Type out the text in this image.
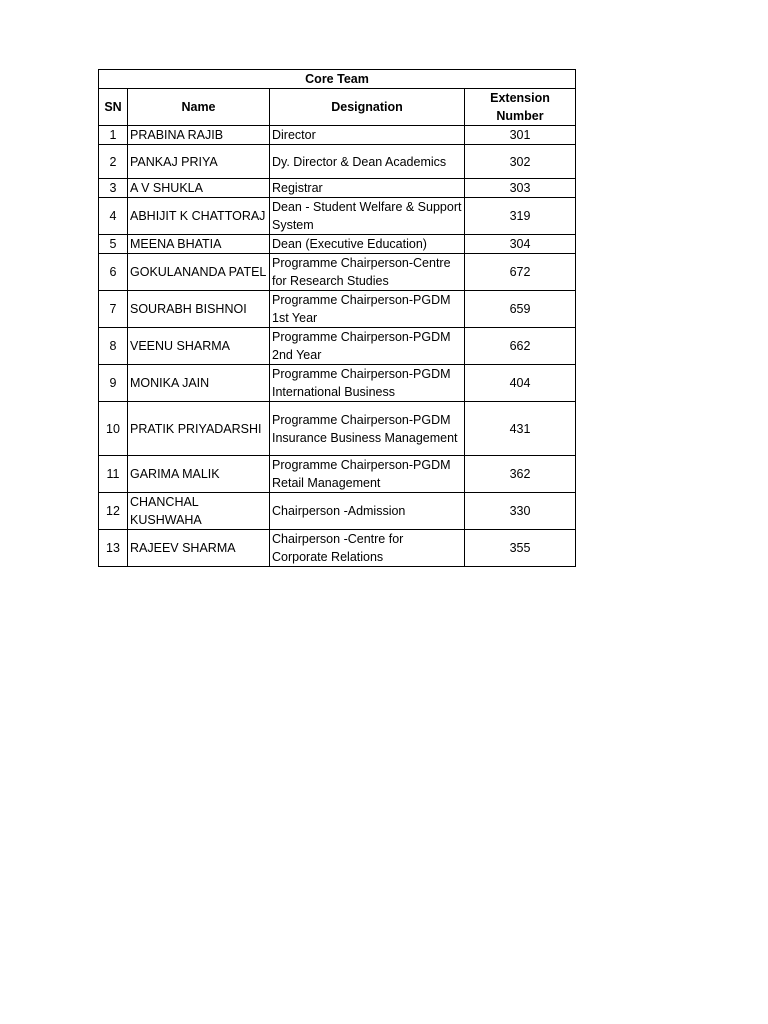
Core Team			
SN	Name	Designation	Extension Number
1	PRABINA RAJIB	Director	301
2	PANKAJ PRIYA	Dy. Director & Dean Academics	302
3	A V SHUKLA	Registrar	303
4	ABHIJIT K CHATTORAJ	Dean - Student Welfare & Support System	319
5	MEENA BHATIA	Dean (Executive Education)	304
6	GOKULANANDA PATEL	Programme Chairperson-Centre for Research Studies	672
7	SOURABH BISHNOI	Programme Chairperson-PGDM 1st Year	659
8	VEENU SHARMA	Programme Chairperson-PGDM 2nd Year	662
9	MONIKA JAIN	Programme Chairperson-PGDM International Business	404
10	PRATIK PRIYADARSHI	Programme Chairperson-PGDM Insurance Business Management	431
11	GARIMA MALIK	Programme Chairperson-PGDM Retail Management	362
12	CHANCHAL KUSHWAHA	Chairperson -Admission	330
13	RAJEEV SHARMA	Chairperson -Centre for Corporate Relations	355
